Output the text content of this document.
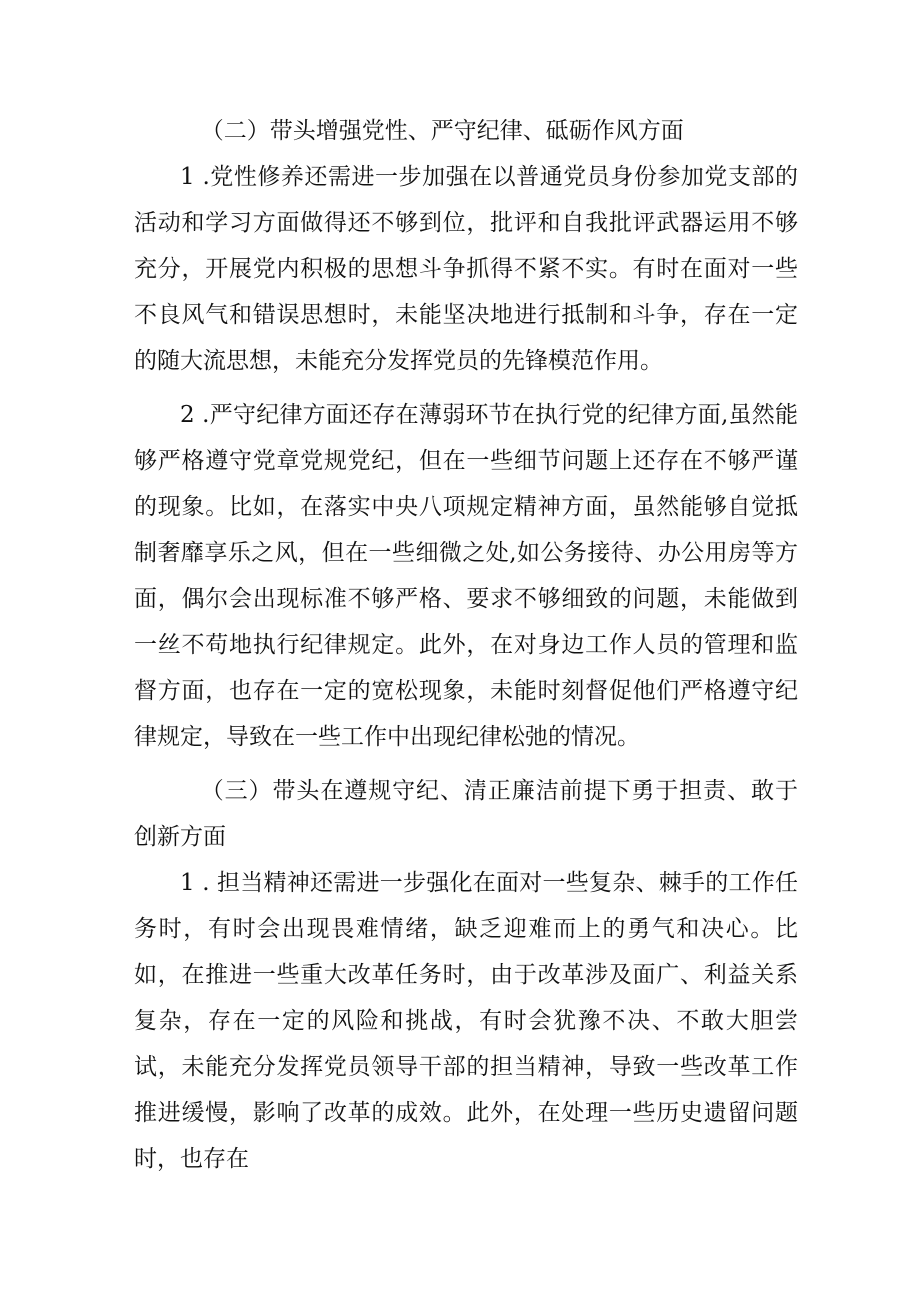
（二）带头增强党性、严守纪律、砥砺作风方面

1 .党性修养还需进一步加强在以普通党员身份参加党支部的活动和学习方面做得还不够到位，批评和自我批评武器运用不够充分，开展党内积极的思想斗争抓得不紧不实。有时在面对一些不良风气和错误思想时，未能坚决地进行抵制和斗争，存在一定的随大流思想，未能充分发挥党员的先锋模范作用。

2 .严守纪律方面还存在薄弱环节在执行党的纪律方面,虽然能够严格遵守党章党规党纪，但在一些细节问题上还存在不够严谨的现象。比如，在落实中央八项规定精神方面，虽然能够自觉抵制奢靡享乐之风，但在一些细微之处,如公务接待、办公用房等方面，偶尔会出现标准不够严格、要求不够细致的问题，未能做到一丝不苟地执行纪律规定。此外，在对身边工作人员的管理和监督方面，也存在一定的宽松现象，未能时刻督促他们严格遵守纪律规定，导致在一些工作中出现纪律松弛的情况。

（三）带头在遵规守纪、清正廉洁前提下勇于担责、敢于创新方面

1 . 担当精神还需进一步强化在面对一些复杂、棘手的工作任务时，有时会出现畏难情绪，缺乏迎难而上的勇气和决心。比如，在推进一些重大改革任务时，由于改革涉及面广、利益关系复杂，存在一定的风险和挑战，有时会犹豫不决、不敢大胆尝试，未能充分发挥党员领导干部的担当精神，导致一些改革工作推进缓慢，影响了改革的成效。此外，在处理一些历史遗留问题时，也存在
